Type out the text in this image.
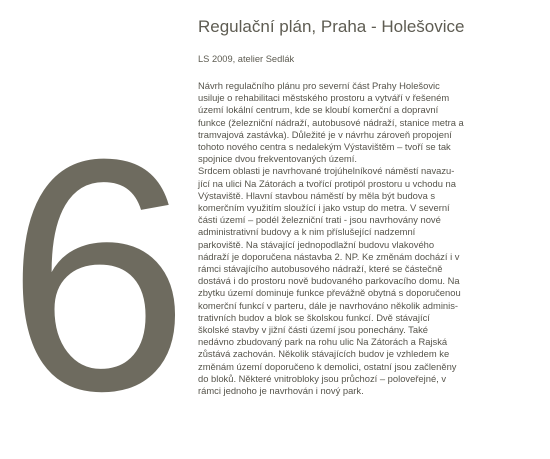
6
Regulační plán, Praha - Holešovice
LS 2009, atelier Sedlák
Návrh regulačního plánu pro severní část Prahy Holešovic
usiluje o rehabilitaci městského prostoru a vytváří v řešeném
území lokální centrum, kde se kloubí komerční a dopravní
funkce (železniční nádraží, autobusové nádraží, stanice metra a
tramvajová zastávka). Důležité je v návrhu zároveň propojení
tohoto nového centra s nedalekým Výstavištěm – tvoří se tak
spojnice dvou frekventovaných území.
Srdcem oblasti je navrhované trojúhelníkové náměstí navazu-
jící na ulici Na Zátorách a tvořící protipól prostoru u vchodu na
Výstaviště. Hlavní stavbou náměstí by měla být budova s
komerčním využitím sloužící i jako vstup do metra. V severní
části území – podél železniční trati - jsou navrhovány nové
administrativní budovy a k nim příslušející nadzemní
parkoviště. Na stávající jednopodlažní budovu vlakového
nádraží je doporučena nástavba 2. NP. Ke změnám dochází i v
rámci stávajícího autobusového nádraží, které se částečně
dostává i do prostoru nově budovaného parkovacího domu. Na
zbytku území dominuje funkce převážně obytná s doporučenou
komerční funkcí v parteru, dále je navrhováno několik adminis-
trativních budov a blok se školskou funkcí. Dvě stávající
školské stavby v jižní části území jsou ponechány. Také
nedávno zbudovaný park na rohu ulic Na Zátorách a Rajská
zůstává zachován. Několik stávajících budov je vzhledem ke
změnám území doporučeno k demolici, ostatní jsou začleněny
do bloků. Některé vnitrobloky jsou průchozí – poloveřejné, v
rámci jednoho je navrhován i nový park.
